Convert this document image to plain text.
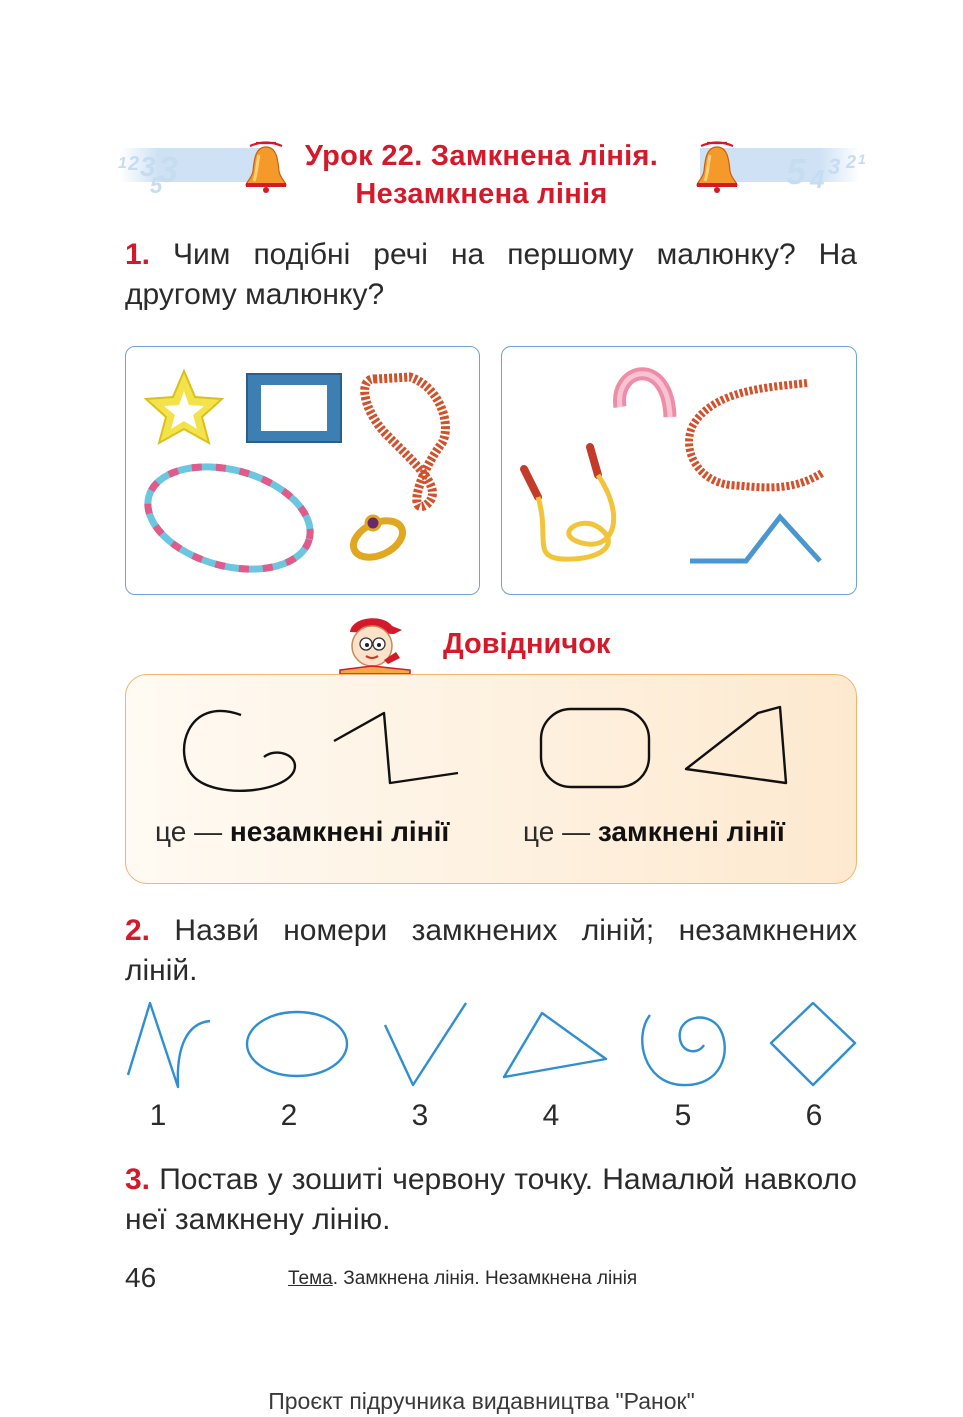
1 2 3 3
5	5 4 3 2 1
Урок 22. Замкнена лінія.
Незамкнена лінія
1. Чим подібні речі на першому малюнку? На другому малюнку?
Довідничок
це — незамкнені лінії	це — замкнені лінії
2. Назви́ номери замкнених ліній; незамкнених ліній.
1	2	3	4	5	6
3. Постав у зошиті червону точку. Намалюй навколо неї замкнену лінію.
46	Тема. Замкнена лінія. Незамкнена лінія
Проєкт підручника видавництва "Ранок"
